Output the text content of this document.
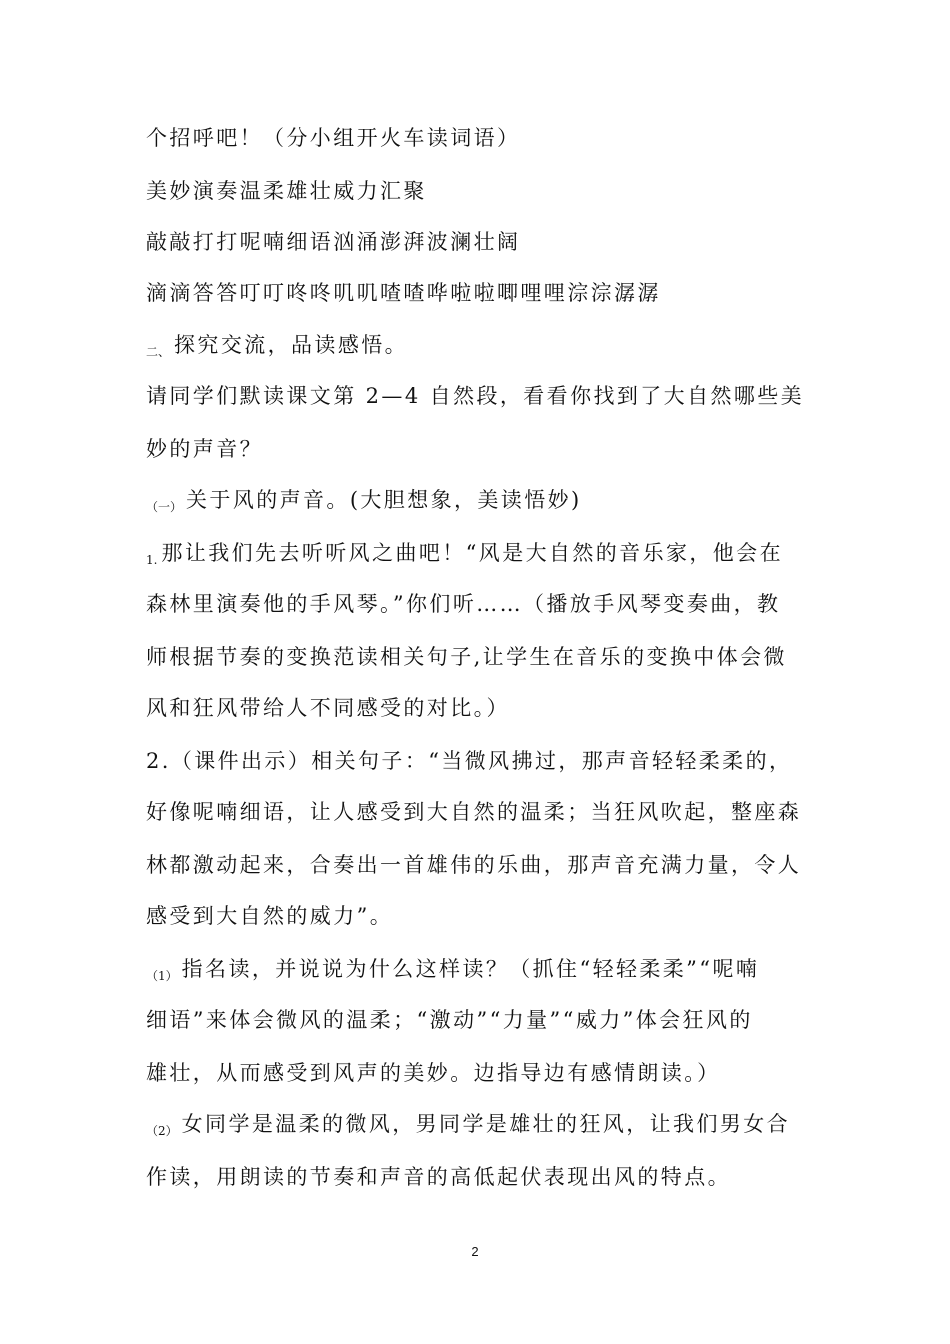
个招呼吧！（分小组开火车读词语）
美妙演奏温柔雄壮威力汇聚
敲敲打打呢喃细语汹涌澎湃波澜壮阔
滴滴答答叮叮咚咚叽叽喳喳哗啦啦唧哩哩淙淙潺潺
二、 探究交流，品读感悟。
请同学们默读课文第 2—4 自然段，看看你找到了大自然哪些美
妙的声音？
（一） 关于风的声音。(大胆想象，美读悟妙)
1. 那让我们先去听听风之曲吧！“风是大自然的音乐家，他会在
森林里演奏他的手风琴。”你们听……（播放手风琴变奏曲，教
师根据节奏的变换范读相关句子,让学生在音乐的变换中体会微
风和狂风带给人不同感受的对比。）
2.（课件出示）相关句子：“当微风拂过，那声音轻轻柔柔的，
好像呢喃细语，让人感受到大自然的温柔；当狂风吹起，整座森
林都激动起来，合奏出一首雄伟的乐曲，那声音充满力量，令人
感受到大自然的威力”。
（1） 指名读，并说说为什么这样读？（抓住“轻轻柔柔”“呢喃
细语”来体会微风的温柔；“激动”“力量”“威力”体会狂风的
雄壮，从而感受到风声的美妙。边指导边有感情朗读。）
（2） 女同学是温柔的微风，男同学是雄壮的狂风，让我们男女合
作读，用朗读的节奏和声音的高低起伏表现出风的特点。
2
